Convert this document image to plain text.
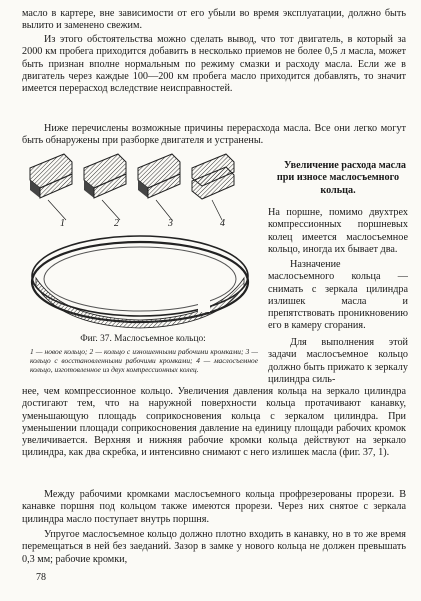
масло в картере, вне зависимости от его убыли во время эксплуатации, должно быть вылито и заменено свежим.

Из этого обстоятельства можно сделать вывод, что тот двигатель, в который за 2000 км пробега приходится добавить в несколько приемов не более 0,5 л масла, может быть признан вполне нормальным по режиму смазки и расходу масла. Если же в двигатель через каждые 100—200 км пробега масло приходится добавлять, то значит имеется перерасход вследствие неисправностей.

Ниже перечислены возможные причины перерасхода масла. Все они легко могут быть обнаружены при разборке двигателя и устранены.

Увеличение расхода масла при износе маслосъемного кольца.

На поршне, помимо двухтрех компрессионных поршневых колец имеется маслосъемное кольцо, иногда их бывает два.

Назначение маслосъемного кольца — снимать с зеркала цилиндра излишек масла и препятствовать проникновению его в камеру сгорания.

Для выполнения этой задачи маслосъемное кольцо должно быть прижато к зеркалу цилиндра силь-

1	2	3	4

Фиг. 37. Маслосъемное кольцо:

1 — новое кольцо; 2 — кольцо с изношенными рабочими кромками; 3 — кольцо с восстановленными рабочими кромками; 4 — маслосъемное кольцо, изготовленное из двух компрессионных колец.

нее, чем компрессионное кольцо. Увеличения давления кольца на зеркало цилиндра достигают тем, что на наружной поверхности кольца протачивают канавку, уменьшающую площадь соприкосновения кольца с зеркалом цилиндра. При уменьшении площади соприкосновения давление на единицу площади рабочих кромок увеличивается. Верхняя и нижняя рабочие кромки кольца действуют на зеркало цилиндра, как два скребка, и интенсивно снимают с него излишек масла (фиг. 37, 1).

Между рабочими кромками маслосъемного кольца профрезерованы прорези. В канавке поршня под кольцом также имеются прорези. Через них снятое с зеркала цилиндра масло поступает внутрь поршня.

Упругое маслосъемное кольцо должно плотно входить в канавку, но в то же время перемещаться в ней без заеданий. Зазор в замке у нового кольца не должен превышать 0,3 мм; рабочие кромки,

78
